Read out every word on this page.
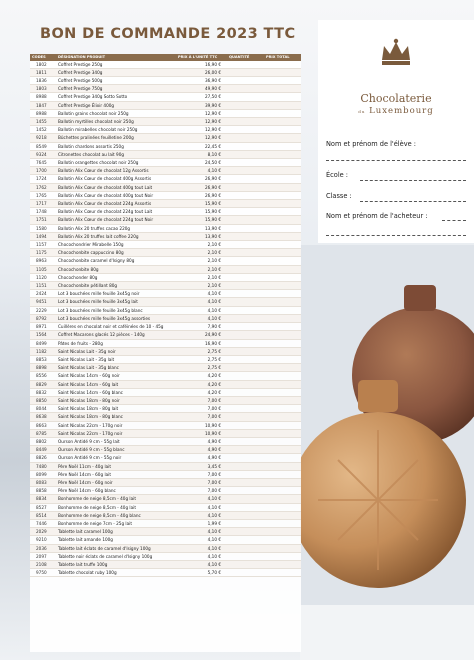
BON DE COMMANDE 2023 TTC
CODES	DÉSIGNATION PRODUIT	PRIX À L'UNITÉ TTC	QUANTITÉ	PRIX TOTAL
1802	Coffret Prestige 250g	16,90 €		
1811	Coffret Prestige 340g	26,00 €		
1836	Coffret Prestige 500g	36,90 €		
1803	Coffret Prestige 750g	49,90 €		
8988	Coffret Prestige 340g Sotto Sotto	27,50 €		
1847	Coffret Prestige Élixir 400g	39,90 €		
8988	Ballotin grains chocolat noir 250g	12,90 €		
1455	Ballotin myrtilles chocolat noir 250g	12,90 €		
1452	Ballotin mirabelles chocolat noir 250g	12,90 €		
9218	Bûchettes pralinées feuilletine 200g	12,90 €		
8549	Ballotin chardons assortis 250g	22,45 €		
9324	Citronettes chocolat au lait 90g	8,10 €		
7645	Ballotin orangettes chocolat noir 250g	24,50 €		
1700	Ballotin Alix Cœur de chocolat 12g Assortis	4,10 €		
1724	Ballotin Alix Cœur de chocolat 400g Assortis	26,90 €		
1762	Ballotin Alix Cœur de chocolat 400g tout Lait	26,90 €		
1765	Ballotin Alix Cœur de chocolat 400g tout Noir	26,90 €		
1717	Ballotin Alix Cœur de chocolat 224g Assortis	15,90 €		
1748	Ballotin Alix Cœur de chocolat 224g tout Lait	15,90 €		
1751	Ballotin Alix Cœur de chocolat 224g tout Noir	15,90 €		
1580	Ballotin Alix 20 truffes cacao 220g	13,90 €		
1494	Ballotin Alix 20 truffes lait coffee 220g	13,90 €		
1157	Chocochondrier Mirabelle 150g	2,10 €		
1175	Chocochonbite cappuccino 80g	2,10 €		
8963	Chocochonbite caramel d'Isigny 80g	2,10 €		
1105	Chocochonbite 80g	2,10 €		
1120	Chocochonder 80g	2,10 €		
1151	Chocochonbite pétillant 80g	2,10 €		
2424	Lot 3 bouchées mille feuille 3x45g noir	4,10 €		
9451	Lot 3 bouchées mille feuille 3x45g lait	4,10 €		
2229	Lot 3 bouchées mille feuille 3x45g blanc	4,10 €		
8792	Lot 3 bouchées mille feuille 3x45g assorties	4,10 €		
8971	Cuillères en chocolat noir et caféinées de 10 - 45g	7,90 €		
1564	Coffret Macarons glacés 12 pièces - 140g	24,90 €		
8499	Pâtes de fruits - 280g	16,90 €		
1182	Saint Nicolas Lait - 35g noir	2,75 €		
8853	Saint Nicolas Lait - 35g lait	2,75 €		
8898	Saint Nicolas Lait - 35g blanc	2,75 €		
8556	Saint Nicolas 14cm - 60g noir	4,20 €		
8829	Saint Nicolas 14cm - 60g lait	4,20 €		
8832	Saint Nicolas 14cm - 60g blanc	4,20 €		
8850	Saint Nicolas 18cm - 80g noir	7,00 €		
8044	Saint Nicolas 18cm - 80g lait	7,00 €		
8638	Saint Nicolas 18cm - 80g blanc	7,00 €		
8663	Saint Nicolas 22cm - 170g noir	10,90 €		
8785	Saint Nicolas 22cm - 170g noir	10,90 €		
8802	Ourson Antidé 9 cm - 55g lait	4,90 €		
8449	Ourson Antidé 9 cm - 55g blanc	4,90 €		
8826	Ourson Antidé 9 cm - 55g noir	4,90 €		
7480	Père Noël 11cm - 40g lait	3,45 €		
8099	Père Noël 14cm - 60g lait	7,00 €		
8083	Père Noël 14cm - 60g noir	7,00 €		
8858	Père Noël 14cm - 60g blanc	7,00 €		
8834	Bonhomme de neige 8,5cm - 40g lait	4,10 €		
8527	Bonhomme de neige 8,5cm - 40g lait	4,10 €		
8514	Bonhomme de neige 8,5cm - 40g blanc	4,10 €		
7446	Bonhomme de neige 7cm - 25g lait	1,99 €		
2029	Tablette lait caramel 100g	4,10 €		
9210	Tablette lait amande 100g	4,10 €		
2036	Tablette lait éclats de caramel d'Isigny 100g	4,10 €		
2097	Tablette noir éclats de caramel d'Isigny 100g	4,10 €		
2108	Tablette lait truffe 100g	4,10 €		
9750	Tablette chocolat ruby 100g	5,70 €		
Chocolaterie
du Luxembourg
Nom et prénom de l'élève :
École :
Classe :
Nom et prénom de l'acheteur :
